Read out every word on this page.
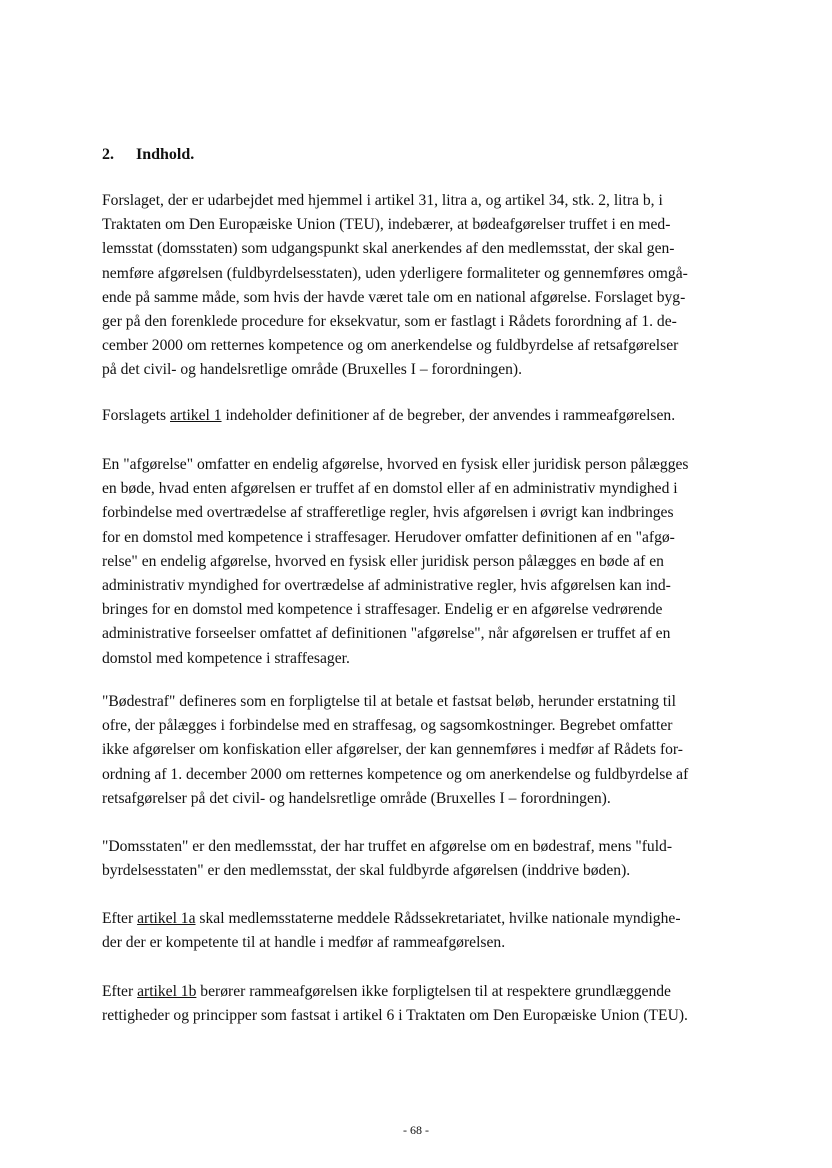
2. Indhold.
Forslaget, der er udarbejdet med hjemmel i artikel 31, litra a, og artikel 34, stk. 2, litra b, i
Traktaten om Den Europæiske Union (TEU), indebærer, at bødeafgørelser truffet i en med-
lemsstat (domsstaten) som udgangspunkt skal anerkendes af den medlemsstat, der skal gen-
nemføre afgørelsen (fuldbyrdelsesstaten), uden yderligere formaliteter og gennemføres omgå-
ende på samme måde, som hvis der havde været tale om en national afgørelse. Forslaget byg-
ger på den forenklede procedure for eksekvatur, som er fastlagt i Rådets forordning af 1. de-
cember 2000 om retternes kompetence og om anerkendelse og fuldbyrdelse af retsafgørelser
på det civil- og handelsretlige område (Bruxelles I – forordningen).
Forslagets artikel 1 indeholder definitioner af de begreber, der anvendes i rammeafgørelsen.
En "afgørelse" omfatter en endelig afgørelse, hvorved en fysisk eller juridisk person pålægges
en bøde, hvad enten afgørelsen er truffet af en domstol eller af en administrativ myndighed i
forbindelse med overtrædelse af strafferetlige regler, hvis afgørelsen i øvrigt kan indbringes
for en domstol med kompetence i straffesager. Herudover omfatter definitionen af en "afgø-
relse" en endelig afgørelse, hvorved en fysisk eller juridisk person pålægges en bøde af en
administrativ myndighed for overtrædelse af administrative regler, hvis afgørelsen kan ind-
bringes for en domstol med kompetence i straffesager. Endelig er en afgørelse vedrørende
administrative forseelser omfattet af definitionen "afgørelse", når afgørelsen er truffet af en
domstol med kompetence i straffesager.
"Bødestraf" defineres som en forpligtelse til at betale et fastsat beløb, herunder erstatning til
ofre, der pålægges i forbindelse med en straffesag, og sagsomkostninger. Begrebet omfatter
ikke afgørelser om konfiskation eller afgørelser, der kan gennemføres i medfør af Rådets for-
ordning af 1. december 2000 om retternes kompetence og om anerkendelse og fuldbyrdelse af
retsafgørelser på det civil- og handelsretlige område (Bruxelles I – forordningen).
"Domsstaten" er den medlemsstat, der har truffet en afgørelse om en bødestraf, mens "fuld-
byrdelsesstaten" er den medlemsstat, der skal fuldbyrde afgørelsen (inddrive bøden).
Efter artikel 1a skal medlemsstaterne meddele Rådssekretariatet, hvilke nationale myndighe-
der der er kompetente til at handle i medfør af rammeafgørelsen.
Efter artikel 1b berører rammeafgørelsen ikke forpligtelsen til at respektere grundlæggende
rettigheder og principper som fastsat i artikel 6 i Traktaten om Den Europæiske Union (TEU).
- 68 -
